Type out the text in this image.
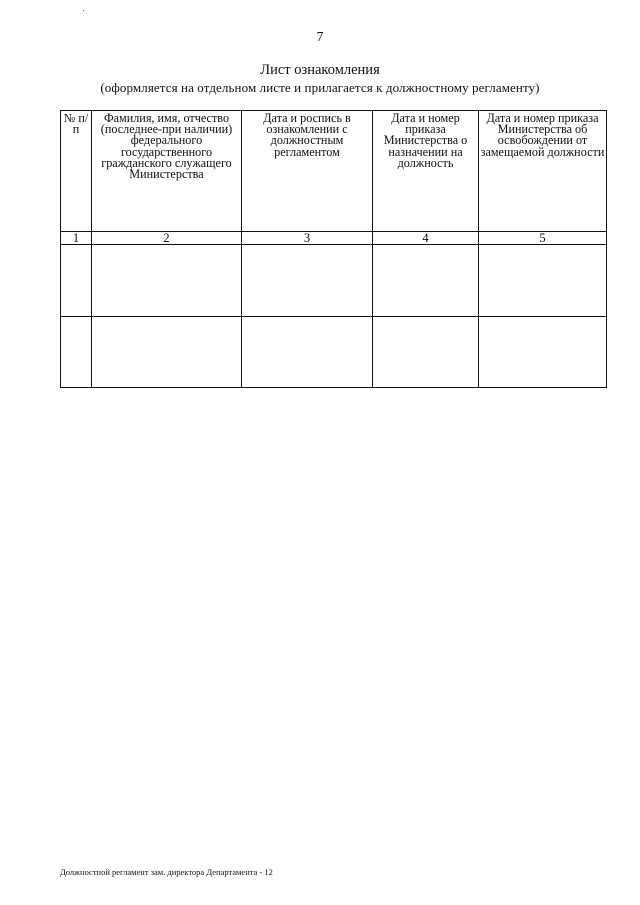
7
Лист ознакомления
(оформляется на отдельном листе и прилагается к должностному регламенту)
№ п/п	Фамилия, имя, отчество (последнее-при наличии) федерального государственного гражданского служащего Министерства	Дата и роспись в ознакомлении с должностным регламентом	Дата и номер приказа Министерства о назначении на должность	Дата и номер приказа Министерства об освобождении от замещаемой должности
1	2	3	4	5

Должностной регламент зам. директора Департамента - 12
